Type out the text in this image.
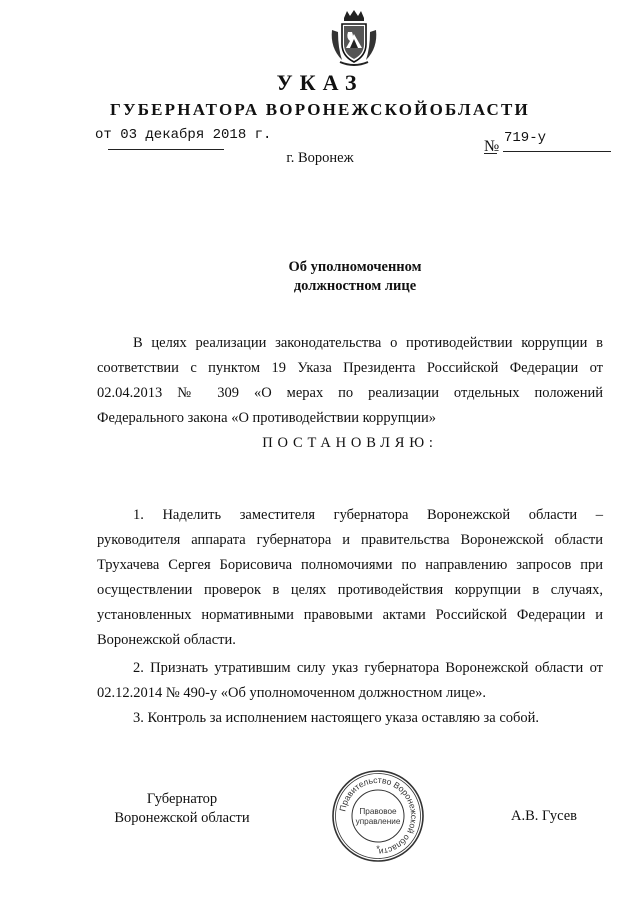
УКАЗ
ГУБЕРНАТОРА ВОРОНЕЖСКОЙОБЛАСТИ
от 03 декабря 2018 г.
№ 719-у
г. Воронеж
Об уполномоченном
должностном лице
В целях реализации законодательства о противодействии коррупции в
соответствии с пунктом 19 Указа Президента Российской Федерации от
02.04.2013 № 309 «О мерах по реализации отдельных положений
Федерального закона «О противодействии коррупции»
ПОСТАНОВЛЯЮ:
1. Наделить заместителя губернатора Воронежской области –
руководителя аппарата губернатора и правительства Воронежской области
Трухачева Сергея Борисовича полномочиями по направлению запросов при
осуществлении проверок в целях противодействия коррупции в случаях,
установленных нормативными правовыми актами Российской Федерации и
Воронежской области.
2. Признать утратившим силу указ губернатора Воронежской области от
02.12.2014 № 490-у «Об уполномоченном должностном лице».
3. Контроль за исполнением настоящего указа оставляю за собой.
Губернатор
Воронежской области	А.В. Гусев
Правительство Воронежской области
Правовое
управление
*
